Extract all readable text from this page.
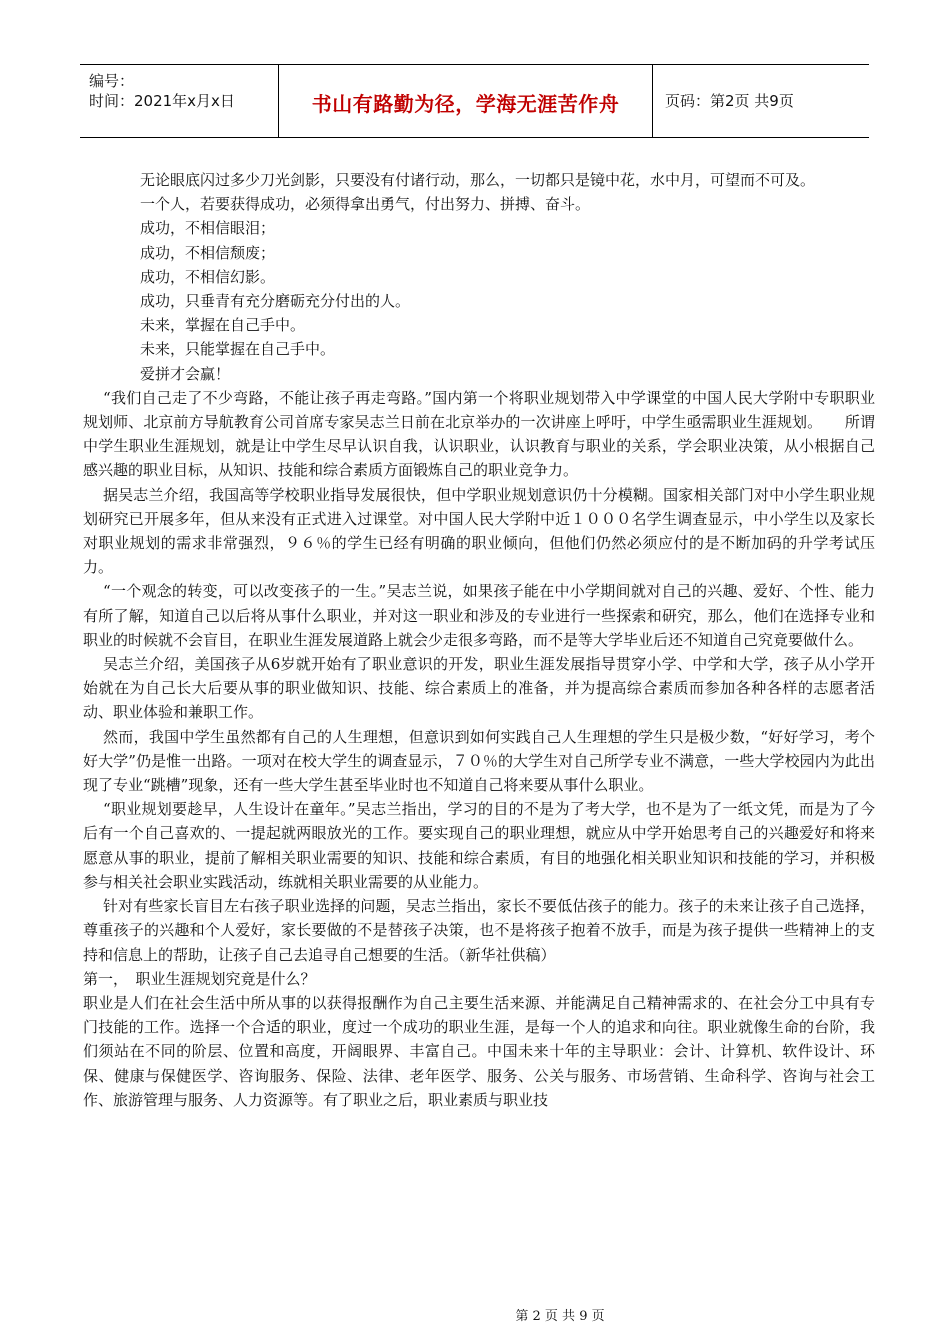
编号：
时间：2021年x月x日	书山有路勤为径，学海无涯苦作舟	页码：第2页 共9页

无论眼底闪过多少刀光剑影，只要没有付诸行动，那么，一切都只是镜中花，水中月，可望而不可及。

一个人，若要获得成功，必须得拿出勇气，付出努力、拼搏、奋斗。

成功，不相信眼泪；

成功，不相信颓废；

成功，不相信幻影。

成功，只垂青有充分磨砺充分付出的人。

未来，掌握在自己手中。

未来，只能掌握在自己手中。

爱拼才会赢！

“我们自己走了不少弯路，不能让孩子再走弯路。”国内第一个将职业规划带入中学课堂的中国人民大学附中专职职业规划师、北京前方导航教育公司首席专家吴志兰日前在北京举办的一次讲座上呼吁，中学生亟需职业生涯规划。　　所谓中学生职业生涯规划，就是让中学生尽早认识自我，认识职业，认识教育与职业的关系，学会职业决策，从小根据自己感兴趣的职业目标，从知识、技能和综合素质方面锻炼自己的职业竞争力。

据吴志兰介绍，我国高等学校职业指导发展很快，但中学职业规划意识仍十分模糊。国家相关部门对中小学生职业规划研究已开展多年，但从来没有正式进入过课堂。对中国人民大学附中近１０００名学生调查显示，中小学生以及家长对职业规划的需求非常强烈，９６％的学生已经有明确的职业倾向，但他们仍然必须应付的是不断加码的升学考试压力。

“一个观念的转变，可以改变孩子的一生。”吴志兰说，如果孩子能在中小学期间就对自己的兴趣、爱好、个性、能力有所了解，知道自己以后将从事什么职业，并对这一职业和涉及的专业进行一些探索和研究，那么，他们在选择专业和职业的时候就不会盲目，在职业生涯发展道路上就会少走很多弯路，而不是等大学毕业后还不知道自己究竟要做什么。

吴志兰介绍，美国孩子从6岁就开始有了职业意识的开发，职业生涯发展指导贯穿小学、中学和大学，孩子从小学开始就在为自己长大后要从事的职业做知识、技能、综合素质上的准备，并为提高综合素质而参加各种各样的志愿者活动、职业体验和兼职工作。

然而，我国中学生虽然都有自己的人生理想，但意识到如何实践自己人生理想的学生只是极少数，“好好学习，考个好大学”仍是惟一出路。一项对在校大学生的调查显示，７０％的大学生对自己所学专业不满意，一些大学校园内为此出现了专业“跳槽”现象，还有一些大学生甚至毕业时也不知道自己将来要从事什么职业。

“职业规划要趁早，人生设计在童年。”吴志兰指出，学习的目的不是为了考大学，也不是为了一纸文凭，而是为了今后有一个自己喜欢的、一提起就两眼放光的工作。要实现自己的职业理想，就应从中学开始思考自己的兴趣爱好和将来愿意从事的职业，提前了解相关职业需要的知识、技能和综合素质，有目的地强化相关职业知识和技能的学习，并积极参与相关社会职业实践活动，练就相关职业需要的从业能力。

针对有些家长盲目左右孩子职业选择的问题，吴志兰指出，家长不要低估孩子的能力。孩子的未来让孩子自己选择，尊重孩子的兴趣和个人爱好，家长要做的不是替孩子决策，也不是将孩子抱着不放手，而是为孩子提供一些精神上的支持和信息上的帮助，让孩子自己去追寻自己想要的生活。（新华社供稿）

第一，　职业生涯规划究竟是什么？

职业是人们在社会生活中所从事的以获得报酬作为自己主要生活来源、并能满足自己精神需求的、在社会分工中具有专门技能的工作。选择一个合适的职业，度过一个成功的职业生涯，是每一个人的追求和向往。职业就像生命的台阶，我们须站在不同的阶层、位置和高度，开阔眼界、丰富自己。中国未来十年的主导职业：会计、计算机、软件设计、环保、健康与保健医学、咨询服务、保险、法律、老年医学、服务、公关与服务、市场营销、生命科学、咨询与社会工作、旅游管理与服务、人力资源等。有了职业之后，职业素质与职业技

第 2 页 共 9 页
